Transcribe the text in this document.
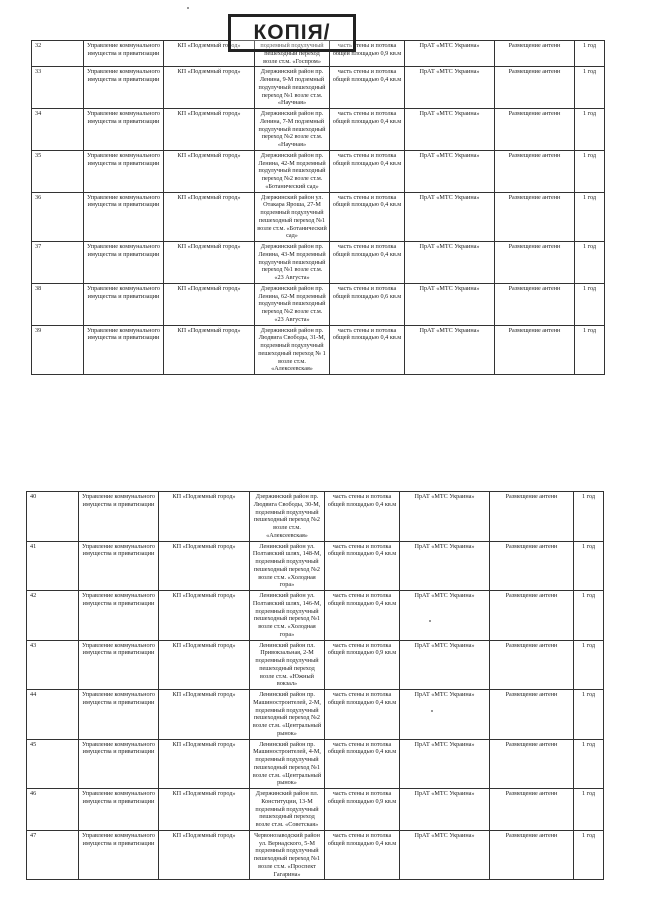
КОПІЯ/
32	Управление коммунального имущества и приватизации	КП «Подземный город»	подземный подулучный пешеходный переход возле ст.м. «Госпром»	часть стены и потолка общей площадью 0,9 кв.м	ПрАТ «МТС Украина»	Размещение антенн	1 год
33	Управление коммунального имущества и приватизации	КП «Подземный город»	Дзержинский район пр. Ленина, 9-М подземный подулучный пешеходный переход №1 возле ст.м. «Научная»	часть стены и потолка общей площадью 0,4 кв.м	ПрАТ «МТС Украина»	Размещение антенн	1 год
34	Управление коммунального имущества и приватизации	КП «Подземный город»	Дзержинский район пр. Ленина, 7-М подземный подулучный пешеходный переход №2 возле ст.м. «Научная»	часть стены и потолка общей площадью 0,4 кв.м	ПрАТ «МТС Украина»	Размещение антенн	1 год
35	Управление коммунального имущества и приватизации	КП «Подземный город»	Дзержинский район пр. Ленина, 42-М подземный подулучный пешеходный переход №2 возле ст.м. «Ботанический сад»	часть стены и потолка общей площадью 0,4 кв.м	ПрАТ «МТС Украина»	Размещение антенн	1 год
36	Управление коммунального имущества и приватизации	КП «Подземный город»	Дзержинский район ул. Отакара Яроша, 27-М подземный подулучный пешеходный переход №1 возле ст.м. «Ботанический сад»	часть стены и потолка общей площадью 0,4 кв.м	ПрАТ «МТС Украина»	Размещение антенн	1 год
37	Управление коммунального имущества и приватизации	КП «Подземный город»	Дзержинский район пр. Ленина, 43-М подземный подулучный пешеходный переход №1 возле ст.м. «23 Августа»	часть стены и потолка общей площадью 0,4 кв.м	ПрАТ «МТС Украина»	Размещение антенн	1 год
38	Управление коммунального имущества и приватизации	КП «Подземный город»	Дзержинский район пр. Ленина, 62-М подземный подулучный пешеходный переход №2 возле ст.м. «23 Августа»	часть стены и потолка общей площадью 0,6 кв.м	ПрАТ «МТС Украина»	Размещение антенн	1 год
39	Управление коммунального имущества и приватизации	КП «Подземный город»	Дзержинский район пр. Людвига Свободы, 31-М, подземный подулучный пешеходный переход № 1 возле ст.м. «Алексеевская»	часть стены и потолка общей площадью 0,4 кв.м	ПрАТ «МТС Украина»	Размещение антенн	1 год
40	Управление коммунального имущества и приватизации	КП «Подземный город»	Дзержинский район пр. Людвига Свободы, 30-М, подземный подулучный пешеходный переход №2 возле ст.м. «Алексеевская»	часть стены и потолка общей площадью 0,4 кв.м	ПрАТ «МТС Украина»	Размещение антенн	1 год
41	Управление коммунального имущества и приватизации	КП «Подземный город»	Ленинский район ул. Полтавский шлях, 148-М, подземный подулучный пешеходный переход №2 возле ст.м. «Холодная гора»	часть стены и потолка общей площадью 0,4 кв.м	ПрАТ «МТС Украина»	Размещение антенн	1 год
42	Управление коммунального имущества и приватизации	КП «Подземный город»	Ленинский район ул. Полтавский шлях, 146-М, подземный подулучный пешеходный переход №1 возле ст.м. «Холодная гора»	часть стены и потолка общей площадью 0,4 кв.м	ПрАТ «МТС Украина»	Размещение антенн	1 год
43	Управление коммунального имущества и приватизации	КП «Подземный город»	Ленинский район пл. Привокзальная, 2-М подземный подулучный пешеходный переход возле ст.м. «Южный вокзал»	часть стены и потолка общей площадью 0,9 кв.м	ПрАТ «МТС Украина»	Размещение антенн	1 год
44	Управление коммунального имущества и приватизации	КП «Подземный город»	Ленинский район пр. Машиностроителей, 2-М, подземный подулучный пешеходный переход №2 возле ст.м. «Центральный рынок»	часть стены и потолка общей площадью 0,4 кв.м	ПрАТ «МТС Украина»	Размещение антенн	1 год
45	Управление коммунального имущества и приватизации	КП «Подземный город»	Ленинский район пр. Машиностроителей, 4-М, подземный подулучный пешеходный переход №1 возле ст.м. «Центральный рынок»	часть стены и потолка общей площадью 0,4 кв.м	ПрАТ «МТС Украина»	Размещение антенн	1 год
46	Управление коммунального имущества и приватизации	КП «Подземный город»	Дзержинский район пл. Конституции, 13-М подземный подулучный пешеходный переход возле ст.м. «Советская»	часть стены и потолка общей площадью 0,9 кв.м	ПрАТ «МТС Украина»	Размещение антенн	1 год
47	Управление коммунального имущества и приватизации	КП «Подземный город»	Червонозаводский район ул. Вернадского, 5-М подземный подулучный пешеходный переход №1 возле ст.м. «Проспект Гагарина»	часть стены и потолка общей площадью 0,4 кв.м	ПрАТ «МТС Украина»	Размещение антенн	1 год
